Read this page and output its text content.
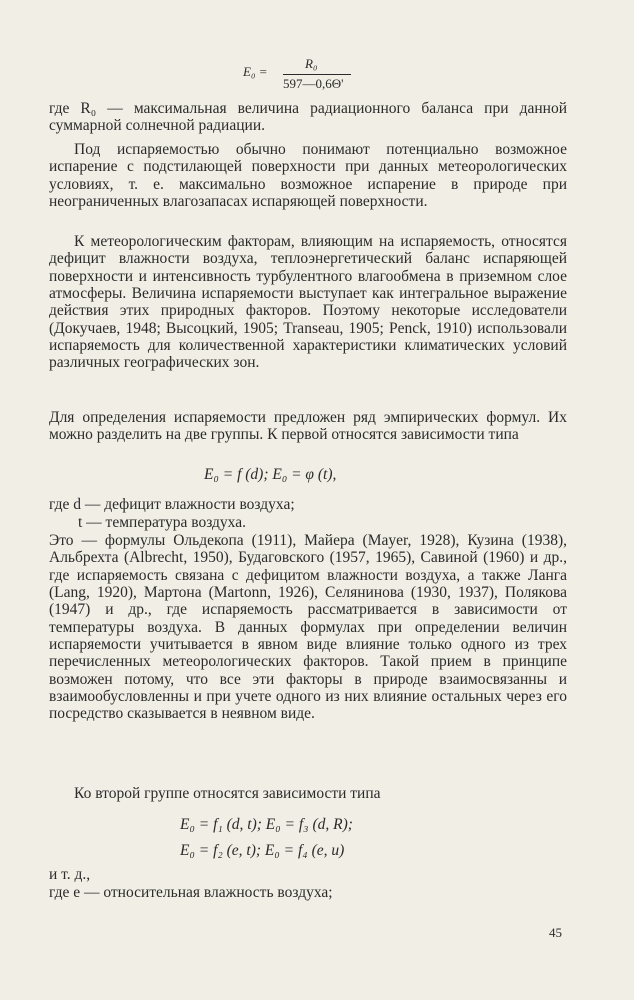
E₀ =
R₀
597—0,6Θ'

где R₀ — максимальная величина радиационного баланса при данной суммарной солнечной радиации.

Под испаряемостью обычно понимают потенциально возможное испарение с подстилающей поверхности при данных метеорологических условиях, т. е. максимально возможное испарение в природе при неограниченных влагозапасах испаряющей поверхности.

К метеорологическим факторам, влияющим на испаряемость, относятся дефицит влажности воздуха, теплоэнергетический баланс испаряющей поверхности и интенсивность турбулентного влагообмена в приземном слое атмосферы. Величина испаряемости выступает как интегральное выражение действия этих природных факторов. Поэтому некоторые исследователи (Докучаев, 1948; Высоцкий, 1905; Transeau, 1905; Penck, 1910) использовали испаряемость для количественной характеристики климатических условий различных географических зон.

Для определения испаряемости предложен ряд эмпирических формул. Их можно разделить на две группы. К первой относятся зависимости типа

E₀ = f (d); E₀ = φ (t),
где d — дефицит влажности воздуха;
t — температура воздуха.

Это — формулы Ольдекопа (1911), Майера (Mayer, 1928), Кузина (1938), Альбрехта (Albrecht, 1950), Будаговского (1957, 1965), Савиной (1960) и др., где испаряемость связана с дефицитом влажности воздуха, а также Ланга (Lang, 1920), Мартона (Martonn, 1926), Селянинова (1930, 1937), Полякова (1947) и др., где испаряемость рассматривается в зависимости от температуры воздуха. В данных формулах при определении величин испаряемости учитывается в явном виде влияние только одного из трех перечисленных метеорологических факторов. Такой прием в принципе возможен потому, что все эти факторы в природе взаимосвязанны и взаимообусловленны и при учете одного из них влияние остальных через его посредство сказывается в неявном виде.

Ко второй группе относятся зависимости типа

E₀ = f₁ (d, t); E₀ = f₃ (d, R);
E₀ = f₂ (e, t); E₀ = f₄ (e, u)
и т. д.,
где e — относительная влажность воздуха;
45
